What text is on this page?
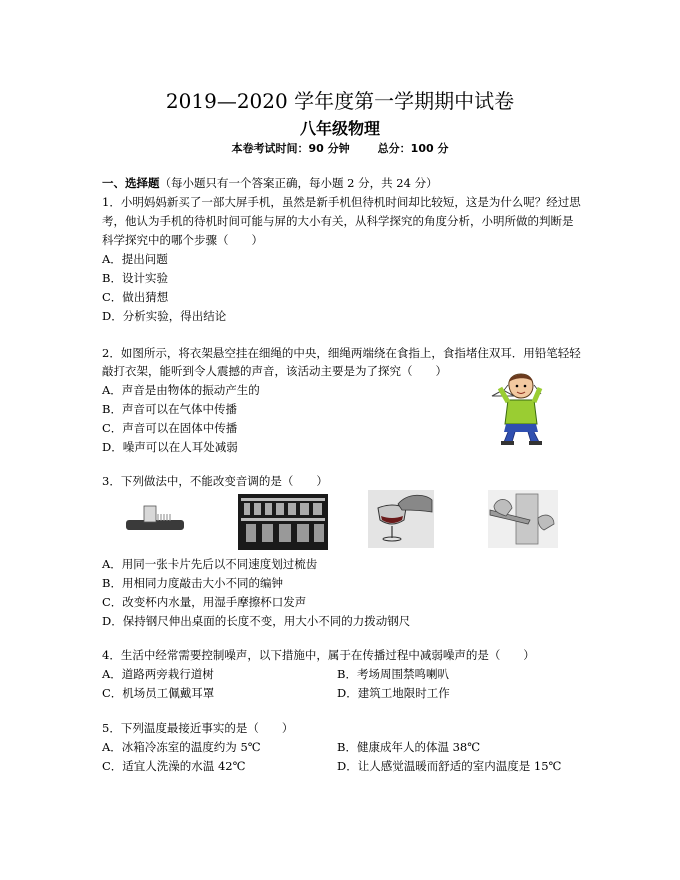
2019—2020 学年度第一学期期中试卷
八年级物理
本卷考试时间：90 分钟	总分：100 分
一、选择题（每小题只有一个答案正确，每小题 2 分，共 24 分）
1．小明妈妈新买了一部大屏手机，虽然是新手机但待机时间却比较短，这是为什么呢？经过思
考，他认为手机的待机时间可能与屏的大小有关，从科学探究的角度分析，小明所做的判断是
科学探究中的哪个步骤（　　）
A．提出问题
B．设计实验
C．做出猜想
D．分析实验，得出结论
2．如图所示，将衣架悬空挂在细绳的中央，细绳两端绕在食指上，食指堵住双耳．用铅笔轻轻
敲打衣架，能听到令人震撼的声音，该活动主要是为了探究（　　）
A．声音是由物体的振动产生的
B．声音可以在气体中传播
C．声音可以在固体中传播
D．噪声可以在人耳处减弱
3．下列做法中，不能改变音调的是（　　）
A．用同一张卡片先后以不同速度划过梳齿
B．用相同力度敲击大小不同的编钟
C．改变杯内水量，用湿手摩擦杯口发声
D．保持钢尺伸出桌面的长度不变，用大小不同的力拨动钢尺
4．生活中经常需要控制噪声，以下措施中，属于在传播过程中减弱噪声的是（　　）
A．道路两旁栽行道树	B．考场周围禁鸣喇叭
C．机场员工佩戴耳罩	D．建筑工地限时工作
5．下列温度最接近事实的是（　　）
A．冰箱冷冻室的温度约为 5℃	B．健康成年人的体温 38℃
C．适宜人洗澡的水温 42℃	D．让人感觉温暖而舒适的室内温度是 15℃
